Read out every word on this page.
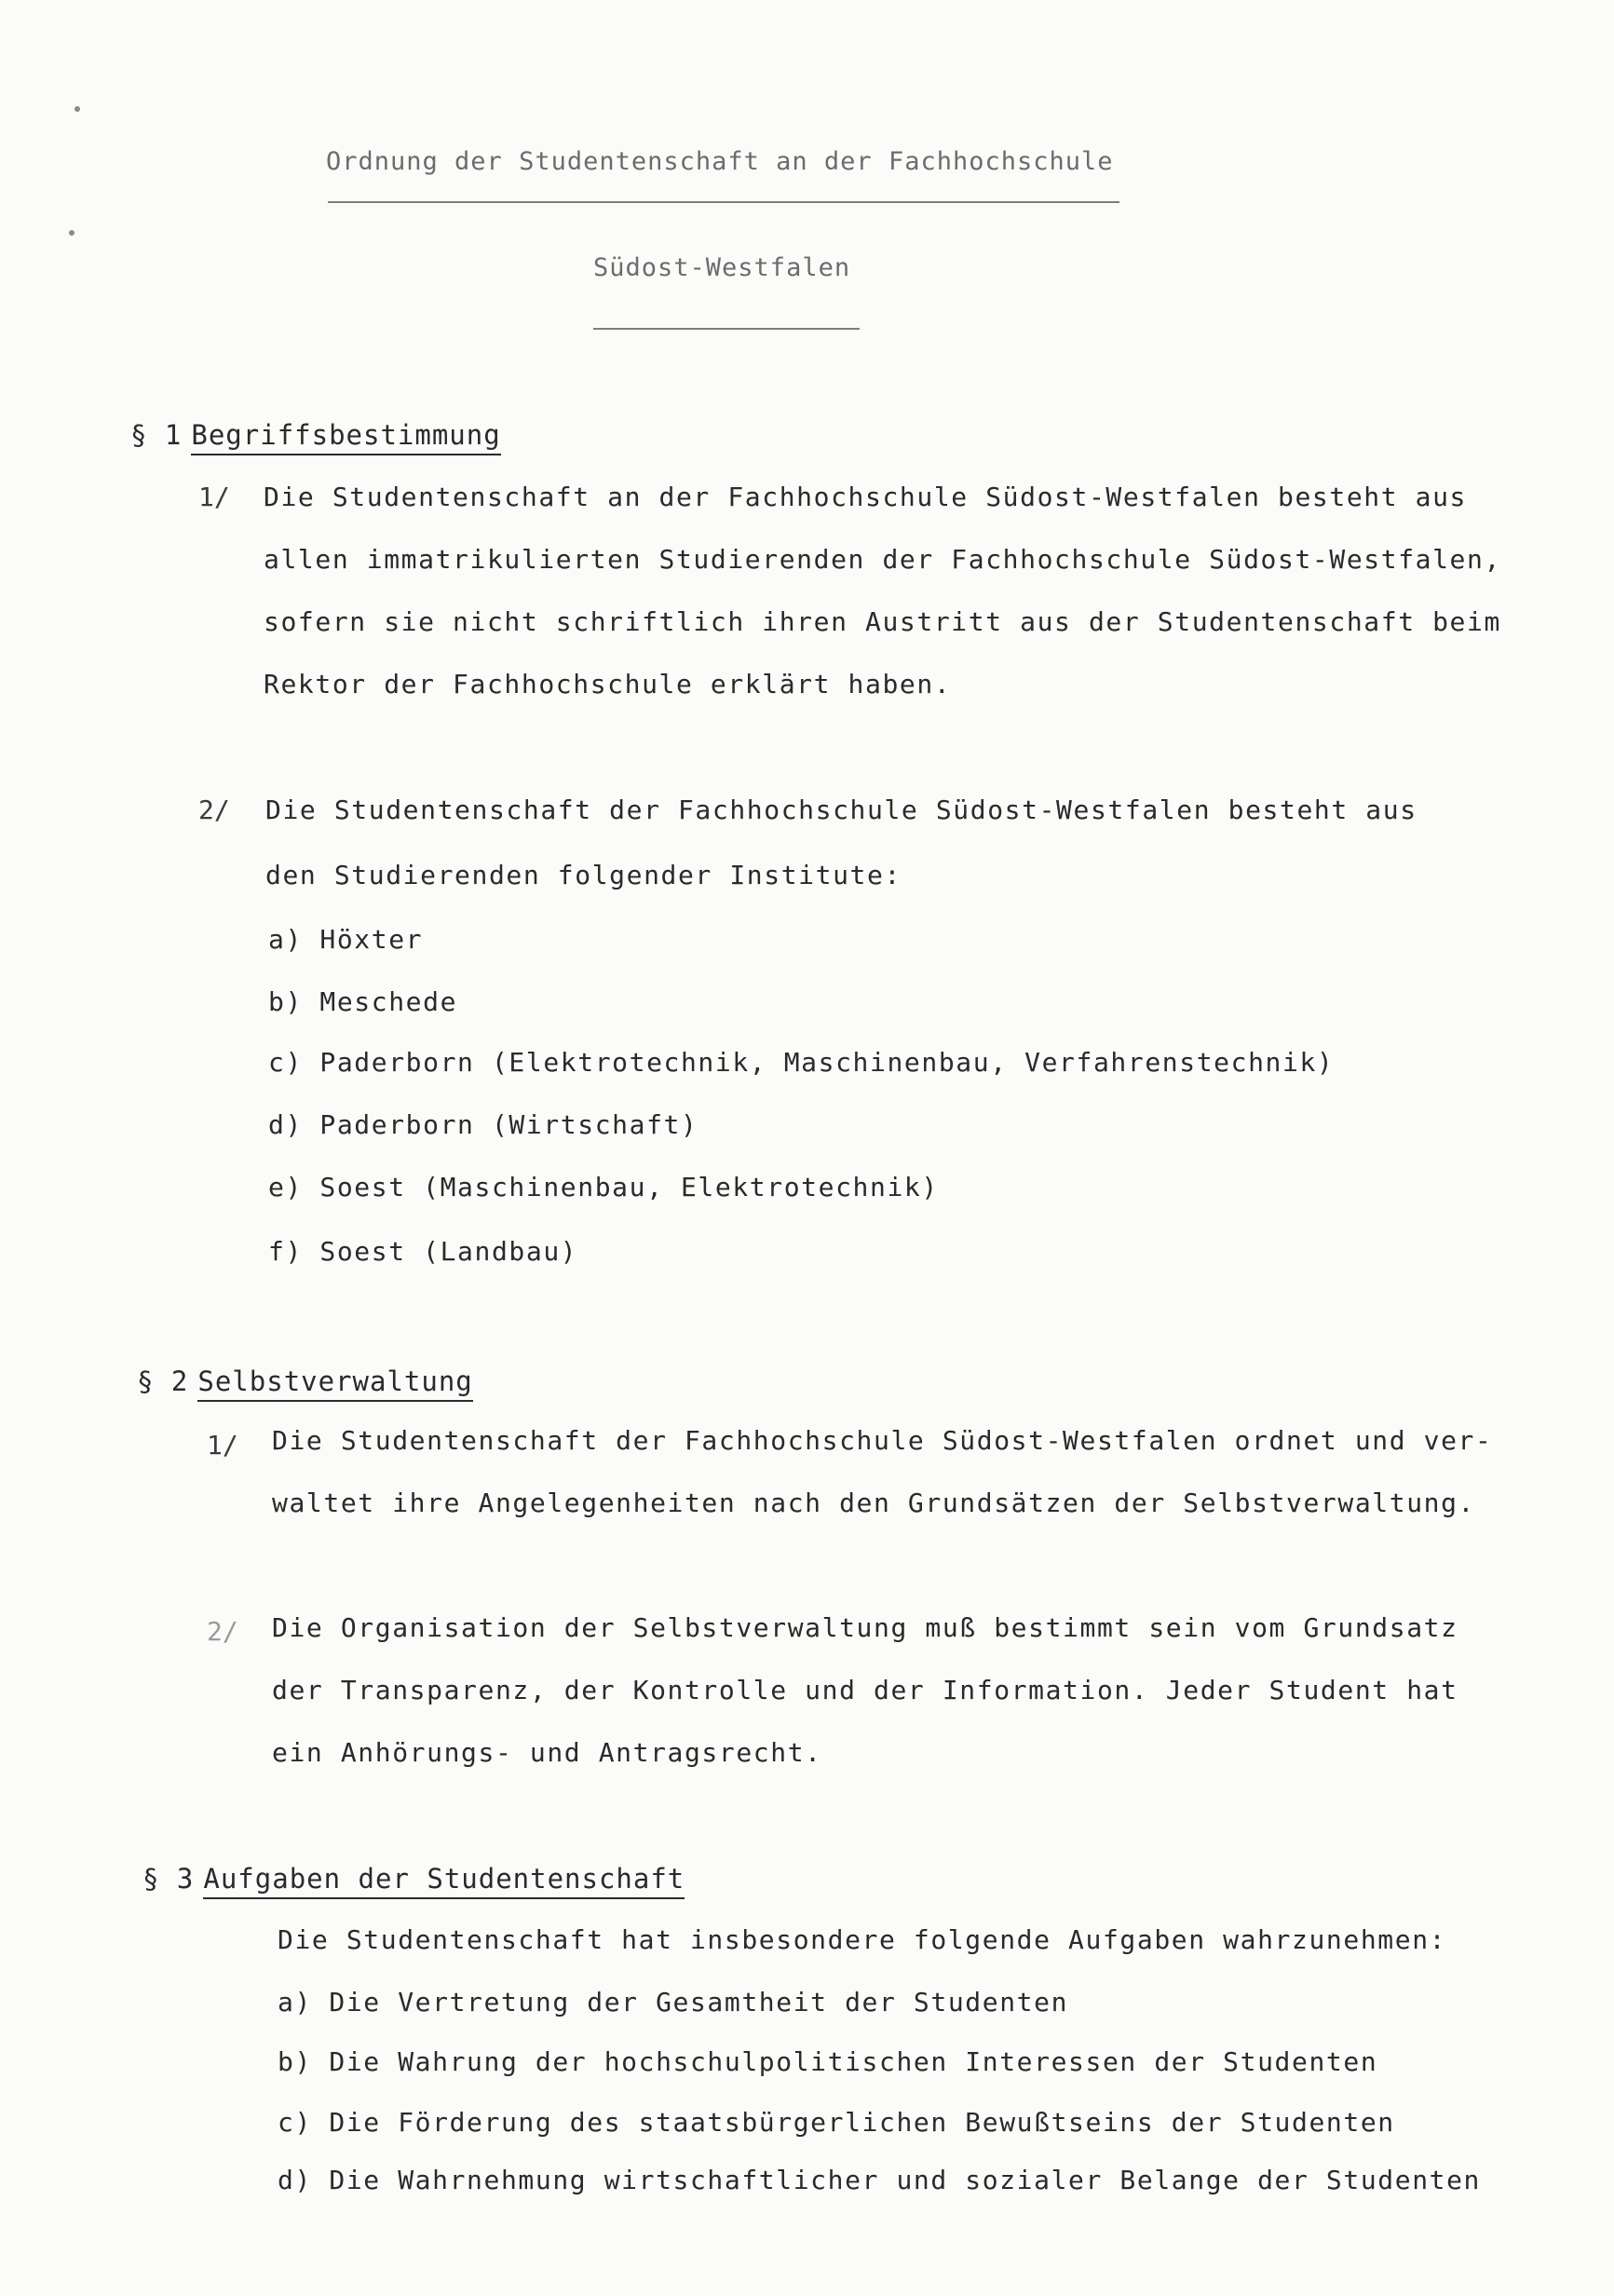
Ordnung der Studentenschaft an der Fachhochschule
Südost-Westfalen
§ 1 Begriffsbestimmung
1/ Die Studentenschaft an der Fachhochschule Südost-Westfalen besteht aus
allen immatrikulierten Studierenden der Fachhochschule Südost-Westfalen,
sofern sie nicht schriftlich ihren Austritt aus der Studentenschaft beim
Rektor der Fachhochschule erklärt haben.
2/ Die Studentenschaft der Fachhochschule Südost-Westfalen besteht aus
den Studierenden folgender Institute:
a) Höxter
b) Meschede
c) Paderborn (Elektrotechnik, Maschinenbau, Verfahrenstechnik)
d) Paderborn (Wirtschaft)
e) Soest (Maschinenbau, Elektrotechnik)
f) Soest (Landbau)
§ 2 Selbstverwaltung
1/ Die Studentenschaft der Fachhochschule Südost-Westfalen ordnet und ver-
waltet ihre Angelegenheiten nach den Grundsätzen der Selbstverwaltung.
2/ Die Organisation der Selbstverwaltung muß bestimmt sein vom Grundsatz
der Transparenz, der Kontrolle und der Information. Jeder Student hat
ein Anhörungs- und Antragsrecht.
§ 3 Aufgaben der Studentenschaft
Die Studentenschaft hat insbesondere folgende Aufgaben wahrzunehmen:
a) Die Vertretung der Gesamtheit der Studenten
b) Die Wahrung der hochschulpolitischen Interessen der Studenten
c) Die Förderung des staatsbürgerlichen Bewußtseins der Studenten
d) Die Wahrnehmung wirtschaftlicher und sozialer Belange der Studenten
